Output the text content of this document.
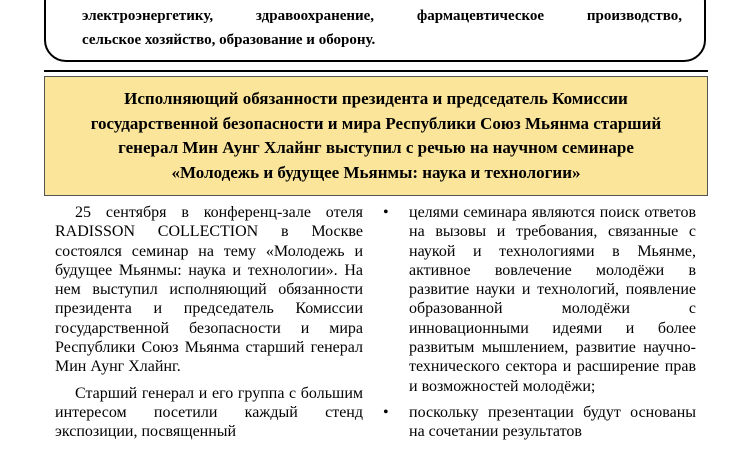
электроэнергетику, здравоохранение, фармацевтическое производство,

сельское хозяйство, образование и оборону.

Исполняющий обязанности президента и председатель Комиссии
государственной безопасности и мира Республики Союз Мьянма старший
генерал Мин Аунг Хлайнг выступил с речью на научном семинаре
«Молодежь и будущее Мьянмы: наука и технологии»

25 сентября в конференц-зале отеля RADISSON COLLECTION в Москве состоялся семинар на тему «Молодежь и будущее Мьянмы: наука и технологии». На нем выступил исполняющий обязанности президента и председатель Комиссии государственной безопасности и мира Республики Союз Мьянма старший генерал Мин Аунг Хлайнг.

Старший генерал и его группа с большим интересом посетили каждый стенд экспозиции, посвященный

• целями семинара являются поиск ответов на вызовы и требования, связанные с наукой и технологиями в Мьянме, активное вовлечение молодёжи в развитие науки и технологий, появление образованной молодёжи с инновационными идеями и более развитым мышлением, развитие научно-технического сектора и расширение прав и возможностей молодёжи;
• поскольку презентации будут основаны на сочетании результатов
